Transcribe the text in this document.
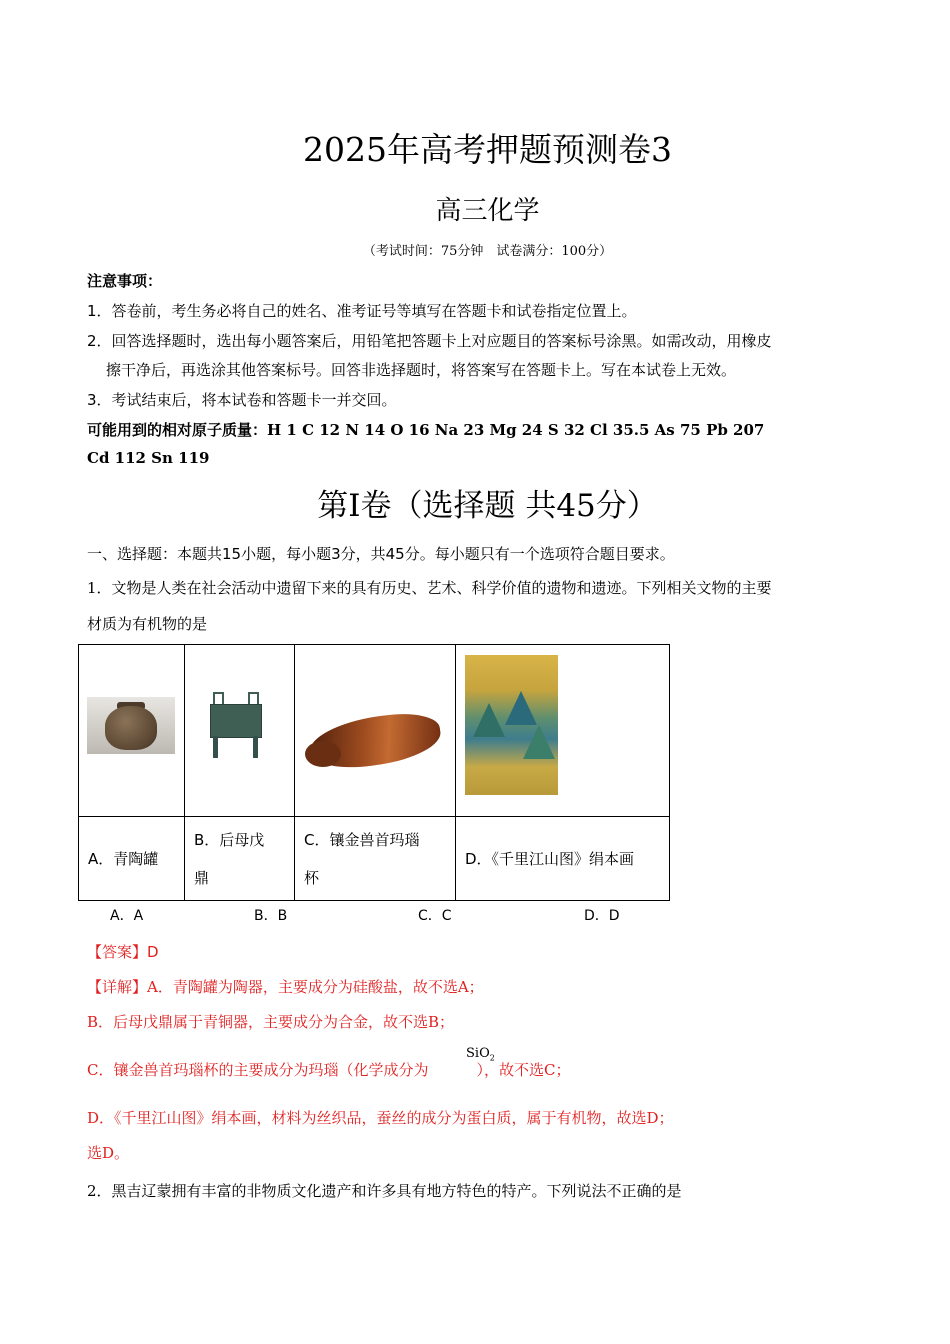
2025年高考押题预测卷3
高三化学
（考试时间：75分钟　试卷满分：100分）
注意事项：
1．答卷前，考生务必将自己的姓名、准考证号等填写在答题卡和试卷指定位置上。
2．回答选择题时，选出每小题答案后，用铅笔把答题卡上对应题目的答案标号涂黑。如需改动，用橡皮
擦干净后，再选涂其他答案标号。回答非选择题时，将答案写在答题卡上。写在本试卷上无效。
3．考试结束后，将本试卷和答题卡一并交回。
可能用到的相对原子质量：H 1 C 12 N 14 O 16 Na 23 Mg 24 S 32 Cl 35.5 As 75 Pb 207
Cd 112 Sn 119
第Ⅰ卷（选择题 共45分）
一、选择题：本题共15小题，每小题3分，共45分。每小题只有一个选项符合题目要求。
1．文物是人类在社会活动中遗留下来的具有历史、艺术、科学价值的遗物和遗迹。下列相关文物的主要
材质为有机物的是

A．青陶罐	B．后母戊
鼎	C．镶金兽首玛瑙
杯	D．《千里江山图》绢本画
A．A	B．B	C．C	D．D
【答案】D
【详解】A．青陶罐为陶器，主要成分为硅酸盐，故不选A；
B．后母戊鼎属于青铜器，主要成分为合金，故不选B；
C．镶金兽首玛瑙杯的主要成分为玛瑙（化学成分为	），故不选C；
SiO$_2$
D．《千里江山图》绢本画，材料为丝织品，蚕丝的成分为蛋白质，属于有机物，故选D；
选D。
2．黑吉辽蒙拥有丰富的非物质文化遗产和许多具有地方特色的特产。下列说法不正确的是
